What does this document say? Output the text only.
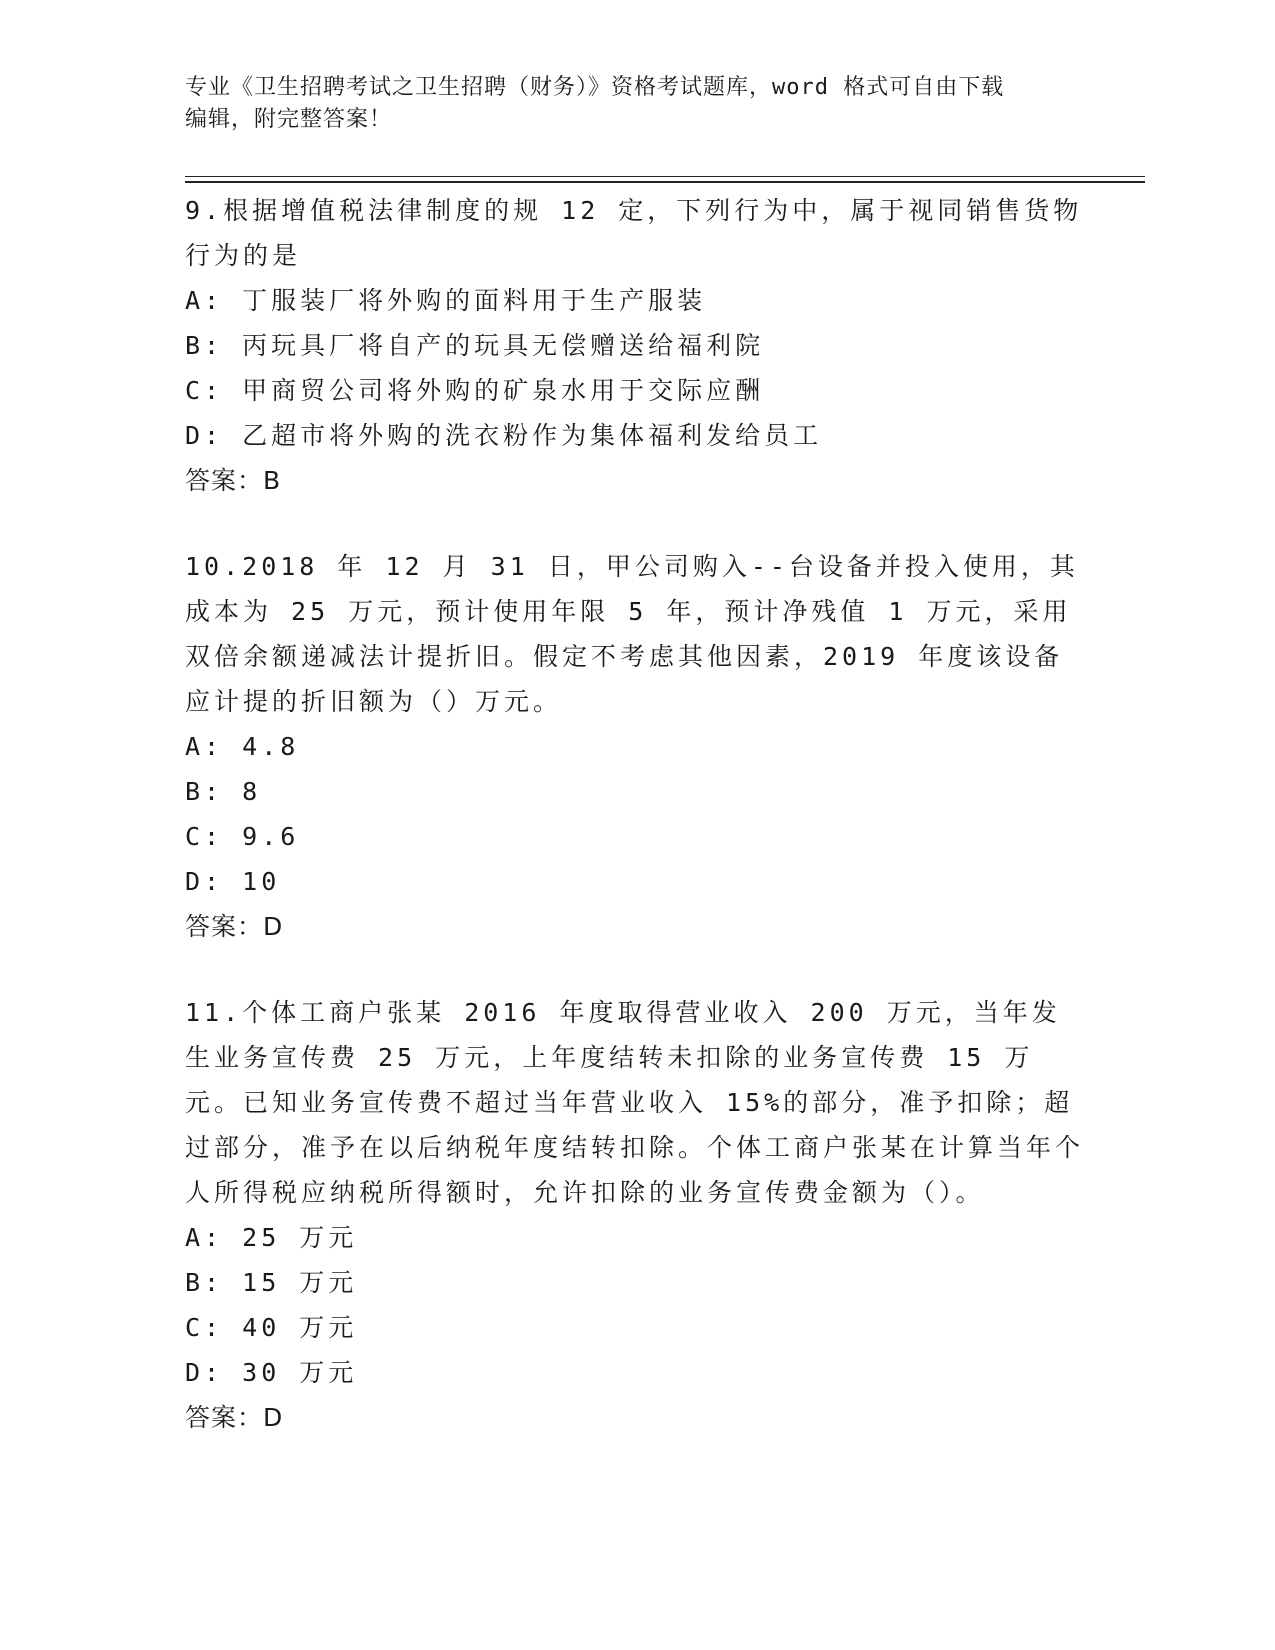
专业《卫生招聘考试之卫生招聘（财务）》资格考试题库，word 格式可自由下载
编辑，附完整答案！

9.根据增值税法律制度的规 12 定，下列行为中，属于视同销售货物行为的是

A: 丁服装厂将外购的面料用于生产服装
B: 丙玩具厂将自产的玩具无偿赠送给福利院
C: 甲商贸公司将外购的矿泉水用于交际应酬
D: 乙超市将外购的洗衣粉作为集体福利发给员工
答案：B

10.2018 年 12 月 31 日，甲公司购入--台设备并投入使用，其成本为 25 万元，预计使用年限 5 年，预计净残值 1 万元，采用双倍余额递减法计提折旧。假定不考虑其他因素，2019 年度该设备应计提的折旧额为（）万元。

A: 4.8
B: 8
C: 9.6
D: 10
答案：D

11.个体工商户张某 2016 年度取得营业收入 200 万元，当年发生业务宣传费 25 万元，上年度结转未扣除的业务宣传费 15 万元。已知业务宣传费不超过当年营业收入 15%的部分，准予扣除；超过部分，准予在以后纳税年度结转扣除。个体工商户张某在计算当年个人所得税应纳税所得额时，允许扣除的业务宣传费金额为（）。

A: 25 万元
B: 15 万元
C: 40 万元
D: 30 万元
答案：D
